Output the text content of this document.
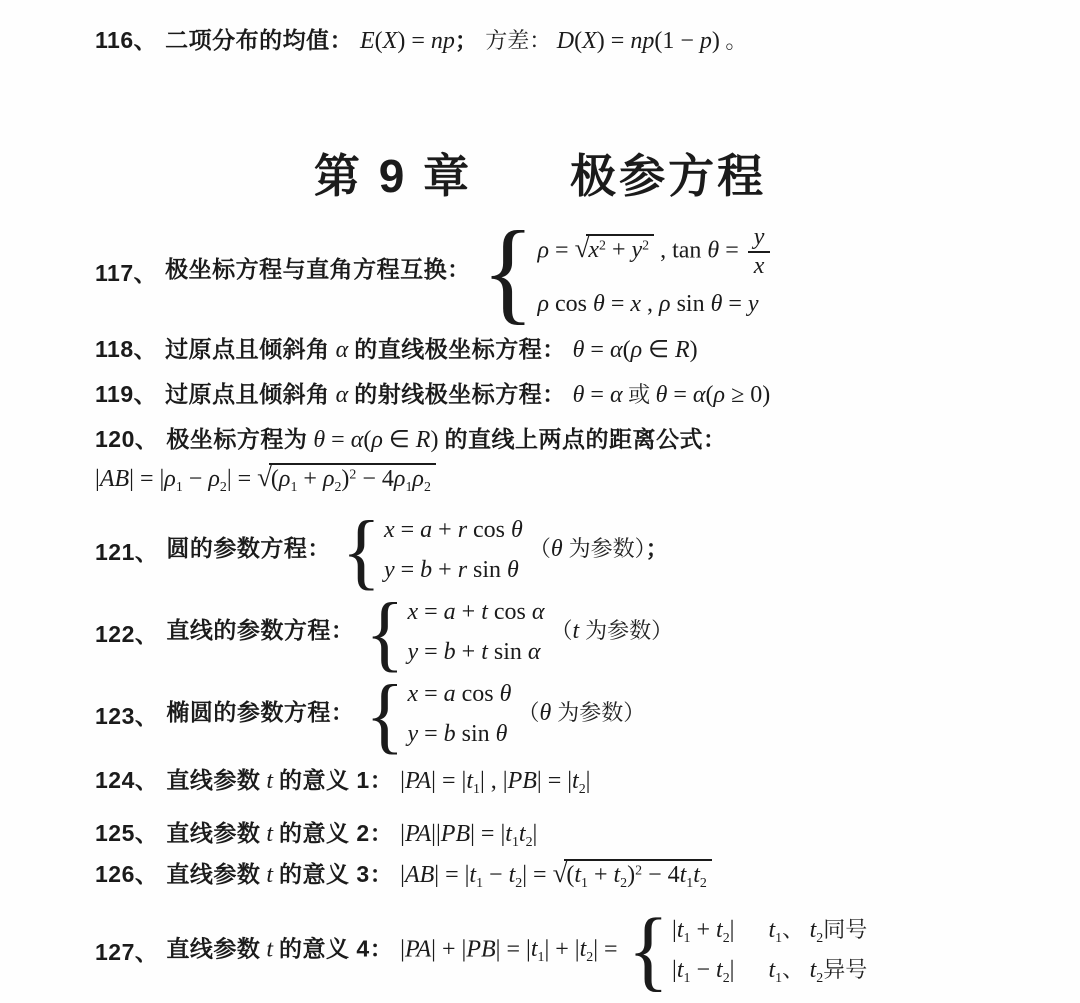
116、 二项分布的均值： E(X) = np； 方差： D(X) = np(1 − p) 。
第 9 章　　极参方程
117、 极坐标方程与直角方程互换： { $\rho = √x^2 + y^2$ , $\tan \theta = \frac{y}{x}$
ρ cos θ = x , ρ sin θ = y
118、 过原点且倾斜角 α 的直线极坐标方程： θ = α(ρ ∈ R)
119、 过原点且倾斜角 α 的射线极坐标方程： θ = α 或 θ = α(ρ ≥ 0)
120、 极坐标方程为 θ = α(ρ ∈ R) 的直线上两点的距离公式：
$|AB| = |\rho_1 - \rho_2| = √(\rho_1 + \rho_2)^2 - 4\rho_1\rho_2$
121、 圆的参数方程： { x = a + r cos θ
y = b + r sin θ
（θ 为参数）；
122、 直线的参数方程： { x = a + t cos α
y = b + t sin α
（t 为参数）
123、 椭圆的参数方程： { x = a cos θ
y = b sin θ
（θ 为参数）
124、 直线参数 t 的意义 1： $|PA| = |t_1|$ , $|PB| = |t_2|$
125、 直线参数 t 的意义 2： $|PA||PB| = |t_1t_2|$
126、 直线参数 t 的意义 3： $|AB| = |t_1 - t_2| = √(t_1 + t_2)^2 - 4t_1t_2$
127、 直线参数 t 的意义 4： $|PA| + |PB| = |t_1| + |t_2|$ = { $|t_1 + t_2|$ $t_1$、 $t_2$同号
$|t_1 - t_2|$ $t_1$、 $t_2$异号
